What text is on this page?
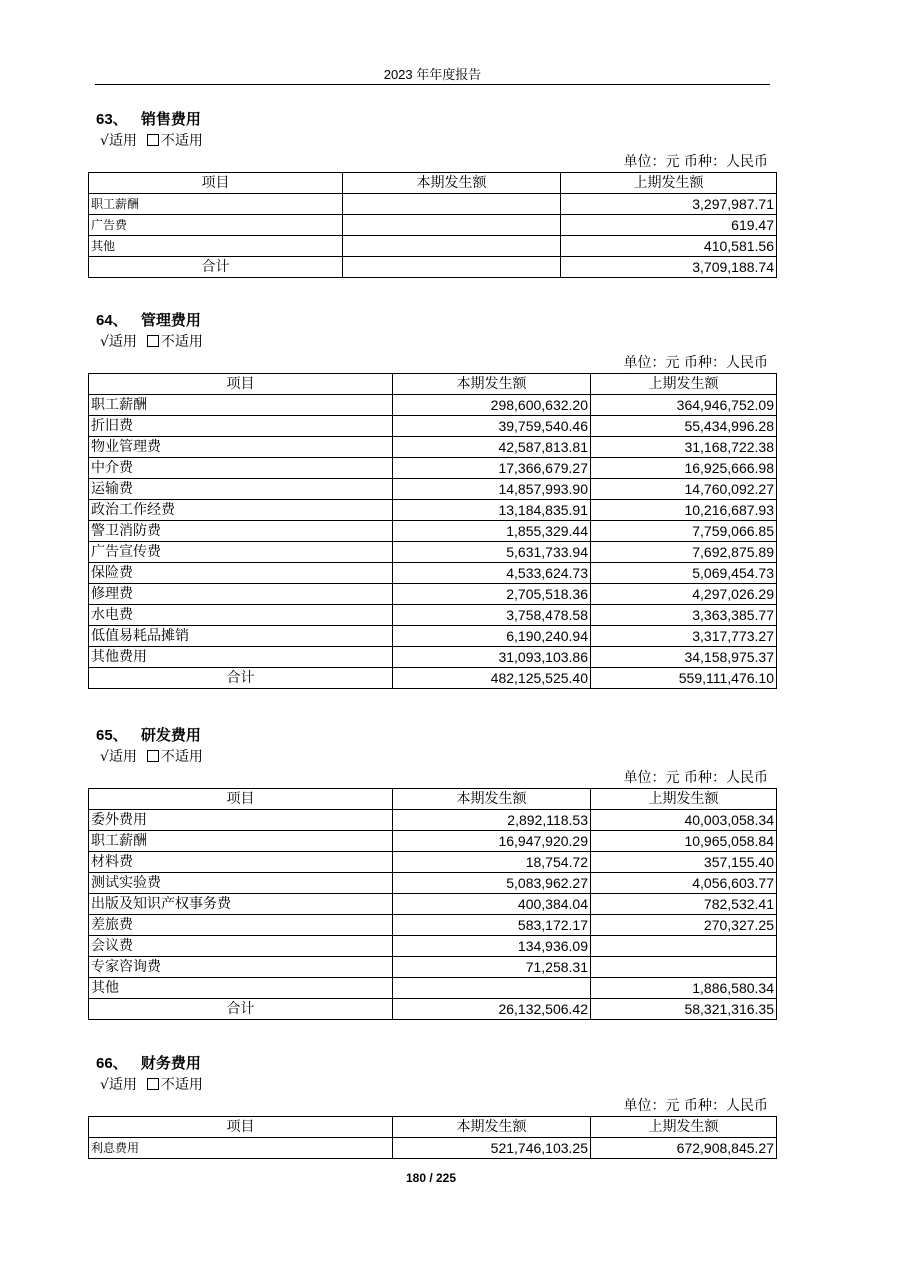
2023 年年度报告
63、 销售费用
√适用 不适用
单位：元 币种：人民币
项目	本期发生额	上期发生额
职工薪酬		3,297,987.71
广告费		619.47
其他		410,581.56
合计		3,709,188.74
64、 管理费用
√适用 不适用
单位：元 币种：人民币
项目	本期发生额	上期发生额
职工薪酬	298,600,632.20	364,946,752.09
折旧费	39,759,540.46	55,434,996.28
物业管理费	42,587,813.81	31,168,722.38
中介费	17,366,679.27	16,925,666.98
运输费	14,857,993.90	14,760,092.27
政治工作经费	13,184,835.91	10,216,687.93
警卫消防费	1,855,329.44	7,759,066.85
广告宣传费	5,631,733.94	7,692,875.89
保险费	4,533,624.73	5,069,454.73
修理费	2,705,518.36	4,297,026.29
水电费	3,758,478.58	3,363,385.77
低值易耗品摊销	6,190,240.94	3,317,773.27
其他费用	31,093,103.86	34,158,975.37
合计	482,125,525.40	559,111,476.10
65、 研发费用
√适用 不适用
单位：元 币种：人民币
项目	本期发生额	上期发生额
委外费用	2,892,118.53	40,003,058.34
职工薪酬	16,947,920.29	10,965,058.84
材料费	18,754.72	357,155.40
测试实验费	5,083,962.27	4,056,603.77
出版及知识产权事务费	400,384.04	782,532.41
差旅费	583,172.17	270,327.25
会议费	134,936.09	
专家咨询费	71,258.31	
其他		1,886,580.34
合计	26,132,506.42	58,321,316.35
66、 财务费用
√适用 不适用
单位：元 币种：人民币
项目	本期发生额	上期发生额
利息费用	521,746,103.25	672,908,845.27
180 / 225
